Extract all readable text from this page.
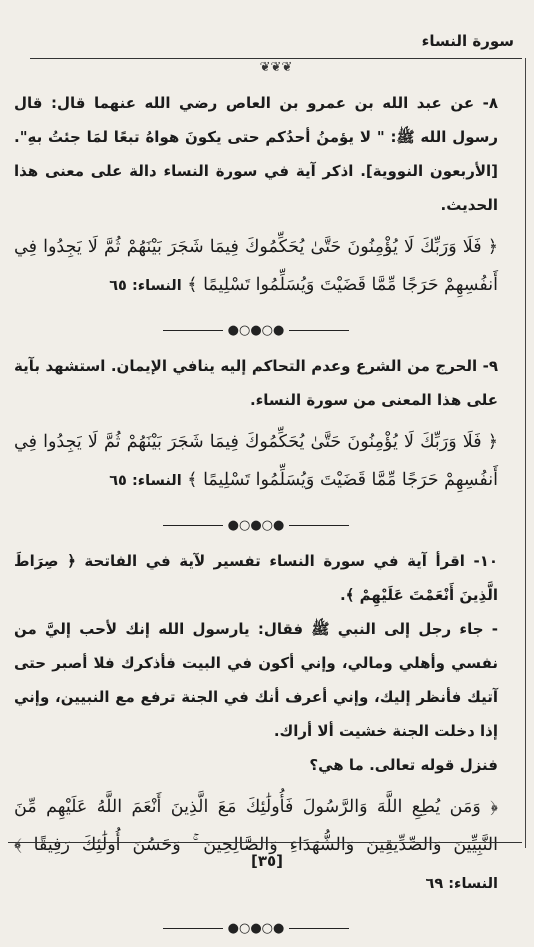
سورة النساء
❦❦❦

٨- عن عبد الله بن عمرو بن العاص رضي الله عنهما قال: قال رسول الله ﷺ: " لا يؤمنُ أحدُكم حتى يكونَ هواهُ تبعًا لمَا جئتُ بهِ". [الأربعون النووية]. اذكر آية في سورة النساء دالة على معنى هذا الحديث.

﴿ فَلَا وَرَبِّكَ لَا يُؤْمِنُونَ حَتَّىٰ يُحَكِّمُوكَ فِيمَا شَجَرَ بَيْنَهُمْ ثُمَّ لَا يَجِدُوا فِي أَنفُسِهِمْ حَرَجًا مِّمَّا قَضَيْتَ وَيُسَلِّمُوا تَسْلِيمًا ﴾ النساء: ٦٥

●○●○●

٩- الحرج من الشرع وعدم التحاكم إليه ينافي الإيمان. استشهد بآية على هذا المعنى من سورة النساء.

﴿ فَلَا وَرَبِّكَ لَا يُؤْمِنُونَ حَتَّىٰ يُحَكِّمُوكَ فِيمَا شَجَرَ بَيْنَهُمْ ثُمَّ لَا يَجِدُوا فِي أَنفُسِهِمْ حَرَجًا مِّمَّا قَضَيْتَ وَيُسَلِّمُوا تَسْلِيمًا ﴾ النساء: ٦٥

●○●○●

١٠- اقرأ آية في سورة النساء تفسير لآية في الفاتحة ﴿ صِرَاطَ الَّذِينَ أَنْعَمْتَ عَلَيْهِمْ ﴾.

- جاء رجل إلى النبي ﷺ فقال: يارسول الله إنك لأحب إليَّ من نفسي وأهلي ومالي، وإني أكون في البيت فأذكرك فلا أصبر حتى آتيك فأنظر إليك، وإني أعرف أنك في الجنة ترفع مع النبيين، وإني إذا دخلت الجنة خشيت ألا أراك.

فنزل قوله تعالى. ما هي؟

﴿ وَمَن يُطِعِ اللَّهَ وَالرَّسُولَ فَأُولَٰئِكَ مَعَ الَّذِينَ أَنْعَمَ اللَّهُ عَلَيْهِم مِّنَ النَّبِيِّينَ وَالصِّدِّيقِينَ وَالشُّهَدَاءِ وَالصَّالِحِينَ ۚ وَحَسُنَ أُولَٰئِكَ رَفِيقًا ﴾ النساء: ٦٩

●○●○●
[٣٥]
